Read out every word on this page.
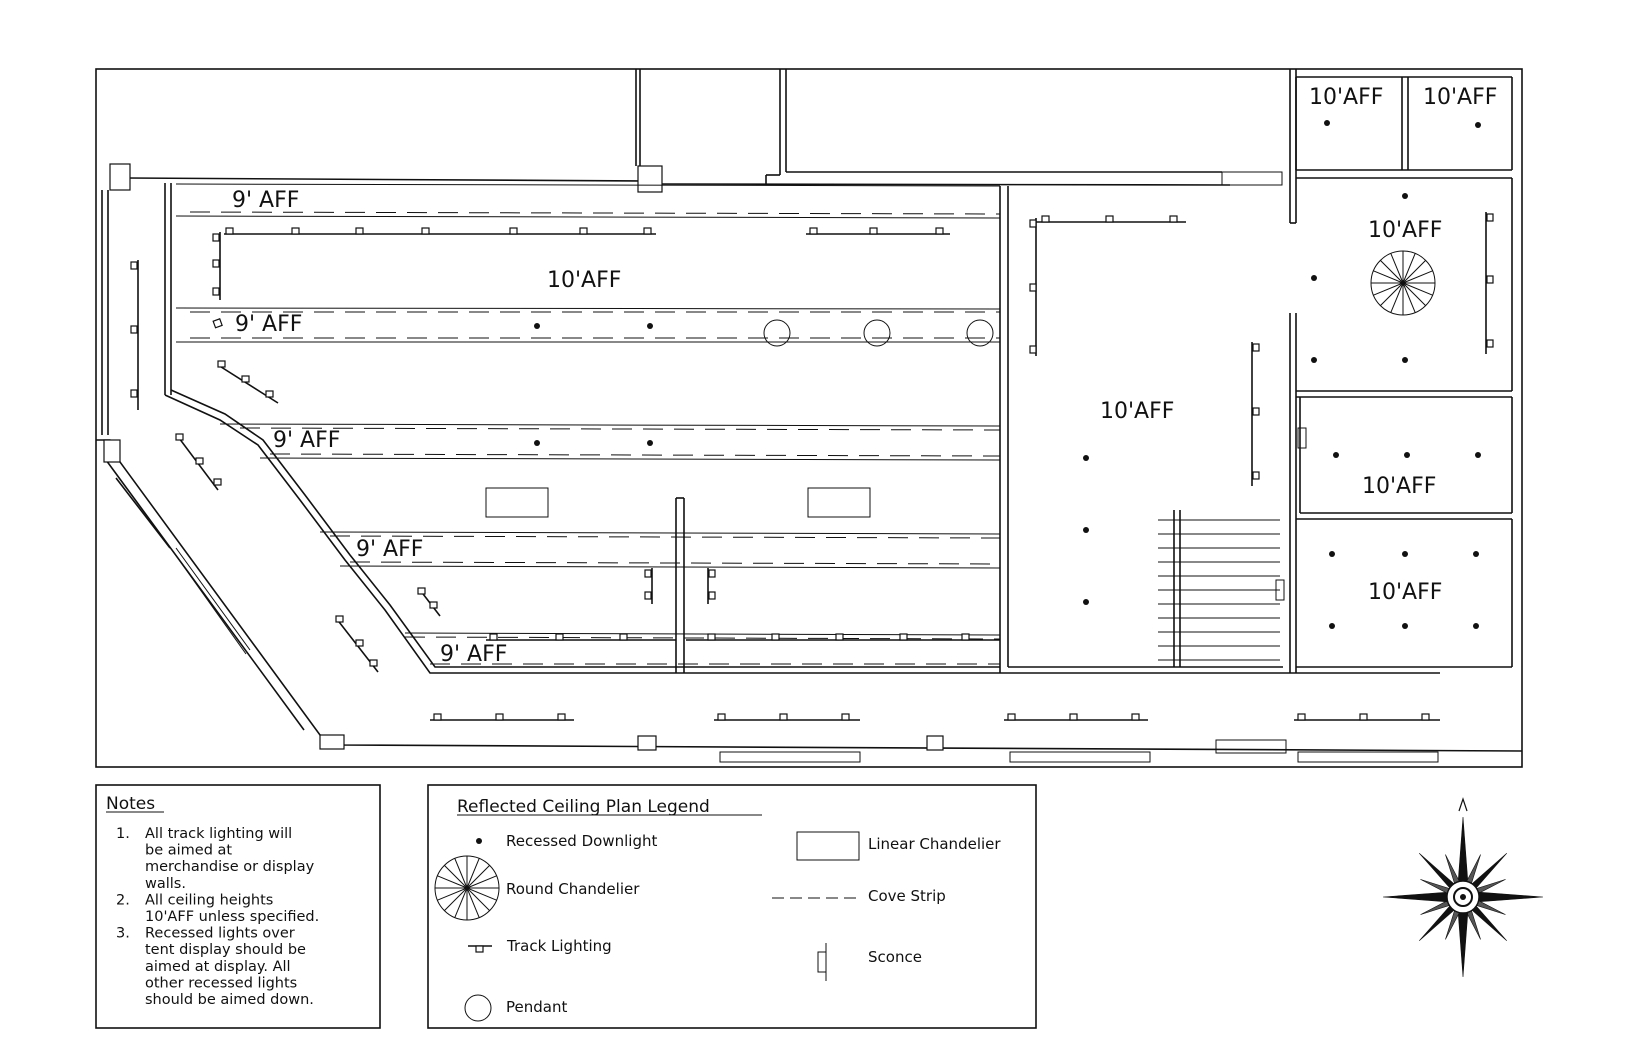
9' AFF
9' AFF
9' AFF
9' AFF
9' AFF
10'AFF
10'AFF
10'AFF 10'AFF
10'AFF
10'AFF
10'AFF
Notes
1. All track lighting will
be aimed at
merchandise or display
walls.
2. All ceiling heights
10'AFF unless specified.
3. Recessed lights over
tent display should be
aimed at display. All
other recessed lights
should be aimed down.
Reflected Ceiling Plan Legend
Recessed Downlight
Round Chandelier
Track Lighting
Pendant
Linear Chandelier
Cove Strip
Sconce
